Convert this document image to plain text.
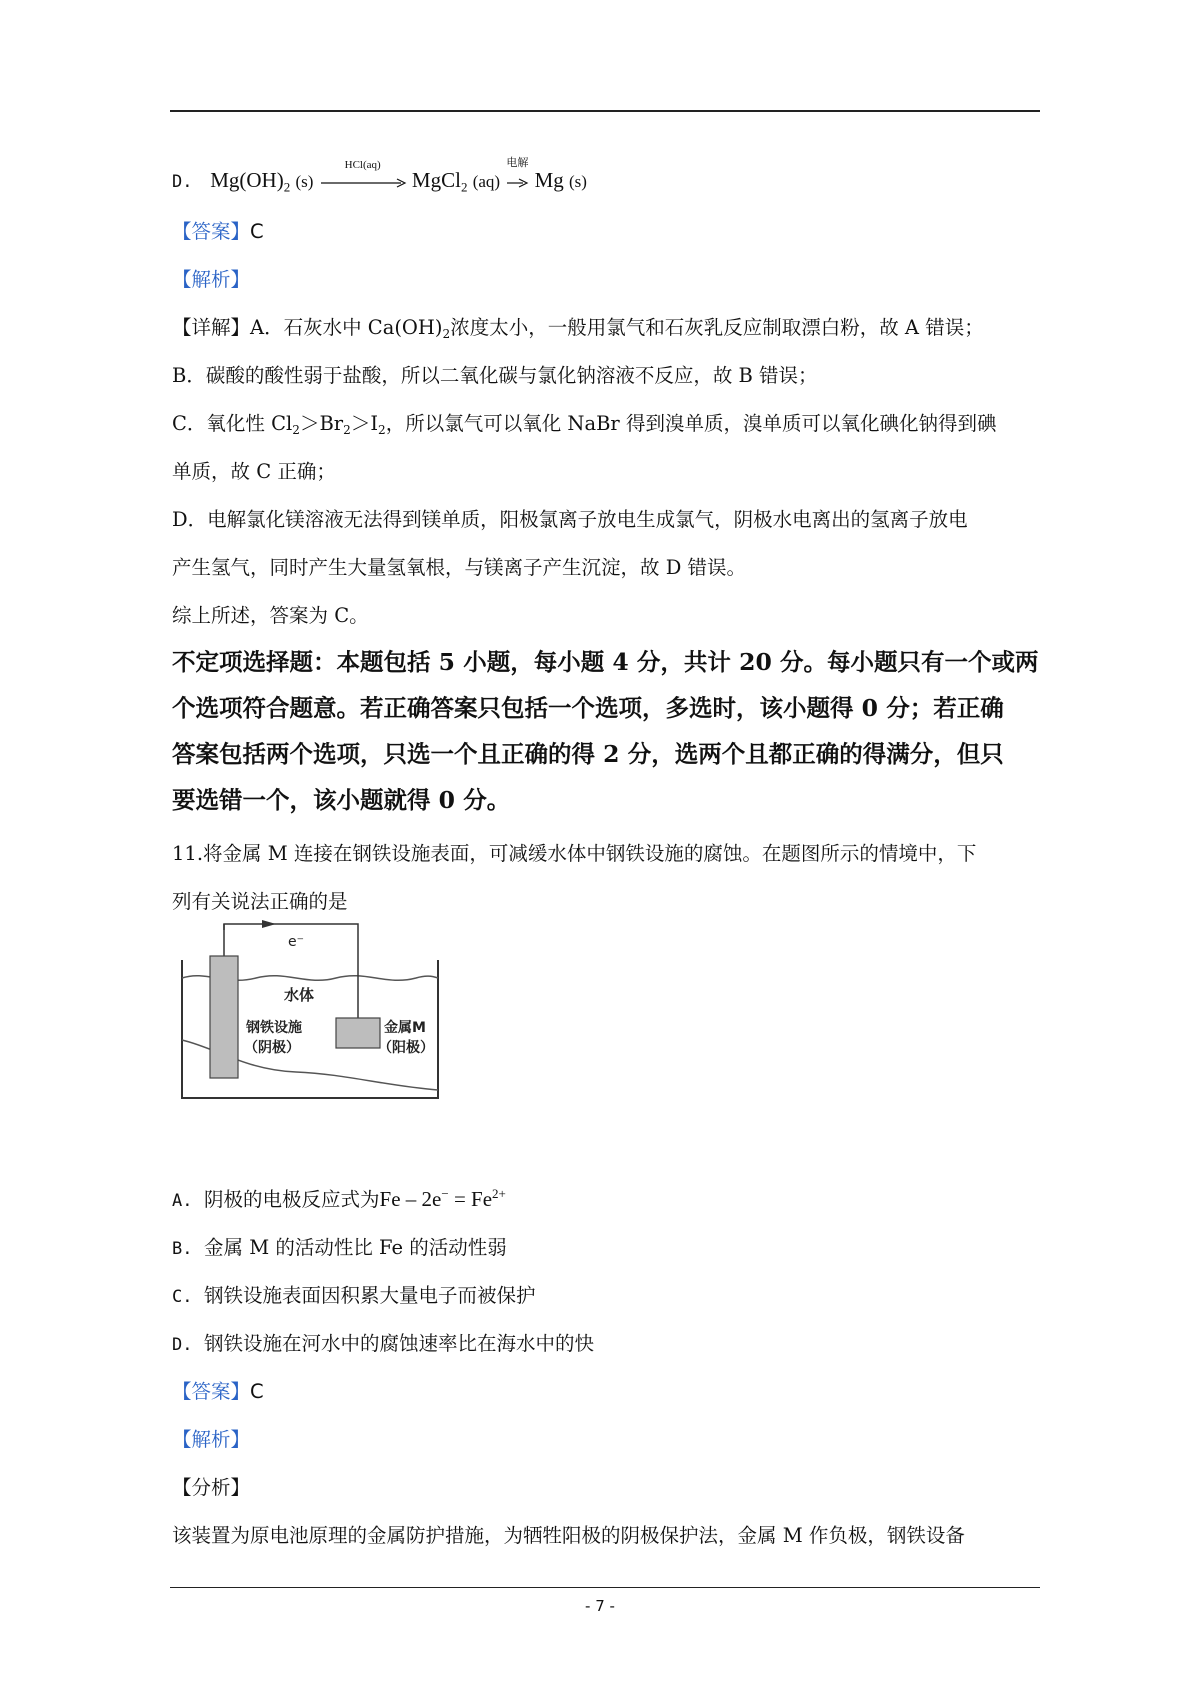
D. $Mg(OH)_2$ (s)
HCl(aq)
MgCl$_2$ (aq)
电解
Mg (s)
【答案】C
【解析】
【详解】A．石灰水中 $Ca(OH)_2$浓度太小，一般用氯气和石灰乳反应制取漂白粉，故 A 错误；
B．碳酸的酸性弱于盐酸，所以二氧化碳与氯化钠溶液不反应，故 B 错误；
C．氧化性 $Cl_2>Br_2>I_2$，所以氯气可以氧化 NaBr 得到溴单质，溴单质可以氧化碘化钠得到碘
单质，故 C 正确；
D．电解氯化镁溶液无法得到镁单质，阳极氯离子放电生成氯气，阴极水电离出的氢离子放电
产生氢气，同时产生大量氢氧根，与镁离子产生沉淀，故 D 错误。
综上所述，答案为 C。
不定项选择题：本题包括 5 小题，每小题 4 分，共计 20 分。每小题只有一个或两
个选项符合题意。若正确答案只包括一个选项，多选时，该小题得 0 分；若正确
答案包括两个选项，只选一个且正确的得 2 分，选两个且都正确的得满分，但只
要选错一个，该小题就得 0 分。
11.将金属 M 连接在钢铁设施表面，可减缓水体中钢铁设施的腐蚀。在题图所示的情境中，下
列有关说法正确的是
e⁻
水体
钢铁设施
（阴极）
金属M
（阳极）
A. 阴极的电极反应式为$Fe - 2e^- = Fe^{2+}$
B. 金属 M 的活动性比 Fe 的活动性弱
C. 钢铁设施表面因积累大量电子而被保护
D. 钢铁设施在河水中的腐蚀速率比在海水中的快
【答案】C
【解析】
【分析】
该装置为原电池原理的金属防护措施，为牺牲阳极的阴极保护法，金属 M 作负极，钢铁设备
- 7 -
